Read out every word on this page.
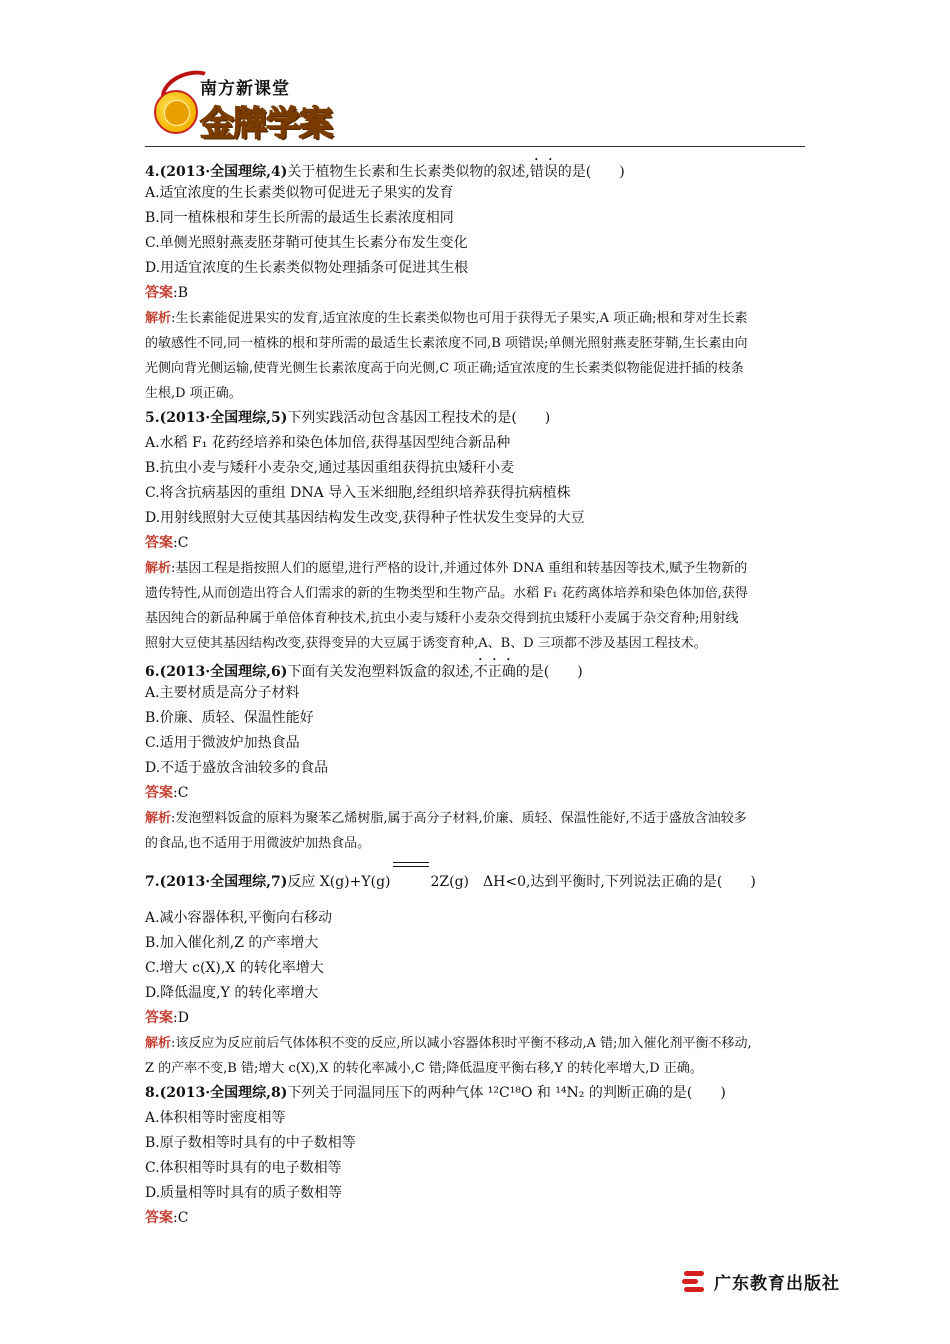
南方新课堂
金牌学案
4.(2013·全国理综,4)关于植物生长素和生长素类似物的叙述,错误的是(　　)
A.适宜浓度的生长素类似物可促进无子果实的发育
B.同一植株根和芽生长所需的最适生长素浓度相同
C.单侧光照射燕麦胚芽鞘可使其生长素分布发生变化
D.用适宜浓度的生长素类似物处理插条可促进其生根
答案:B
解析:生长素能促进果实的发育,适宜浓度的生长素类似物也可用于获得无子果实,A 项正确;根和芽对生长素
的敏感性不同,同一植株的根和芽所需的最适生长素浓度不同,B 项错误;单侧光照射燕麦胚芽鞘,生长素由向
光侧向背光侧运输,使背光侧生长素浓度高于向光侧,C 项正确;适宜浓度的生长素类似物能促进扦插的枝条
生根,D 项正确。
5.(2013·全国理综,5)下列实践活动包含基因工程技术的是(　　)
A.水稻 F₁ 花药经培养和染色体加倍,获得基因型纯合新品种
B.抗虫小麦与矮秆小麦杂交,通过基因重组获得抗虫矮秆小麦
C.将含抗病基因的重组 DNA 导入玉米细胞,经组织培养获得抗病植株
D.用射线照射大豆使其基因结构发生改变,获得种子性状发生变异的大豆
答案:C
解析:基因工程是指按照人们的愿望,进行严格的设计,并通过体外 DNA 重组和转基因等技术,赋予生物新的
遗传特性,从而创造出符合人们需求的新的生物类型和生物产品。水稻 F₁ 花药离体培养和染色体加倍,获得
基因纯合的新品种属于单倍体育种技术,抗虫小麦与矮秆小麦杂交得到抗虫矮秆小麦属于杂交育种;用射线
照射大豆使其基因结构改变,获得变异的大豆属于诱变育种,A、B、D 三项都不涉及基因工程技术。
6.(2013·全国理综,6)下面有关发泡塑料饭盒的叙述,不正确的是(　　)
A.主要材质是高分子材料
B.价廉、质轻、保温性能好
C.适用于微波炉加热食品
D.不适于盛放含油较多的食品
答案:C
解析:发泡塑料饭盒的原料为聚苯乙烯树脂,属于高分子材料,价廉、质轻、保温性能好,不适于盛放含油较多
的食品,也不适用于用微波炉加热食品。
7.(2013·全国理综,7)反应 X(g)+Y(g)	2Z(g)　ΔH<0,达到平衡时,下列说法正确的是(　　)
A.减小容器体积,平衡向右移动
B.加入催化剂,Z 的产率增大
C.增大 c(X),X 的转化率增大
D.降低温度,Y 的转化率增大
答案:D
解析:该反应为反应前后气体体积不变的反应,所以减小容器体积时平衡不移动,A 错;加入催化剂平衡不移动,
Z 的产率不变,B 错;增大 c(X),X 的转化率减小,C 错;降低温度平衡右移,Y 的转化率增大,D 正确。
8.(2013·全国理综,8)下列关于同温同压下的两种气体 ¹²C¹⁸O 和 ¹⁴N₂ 的判断正确的是(　　)
A.体积相等时密度相等
B.原子数相等时具有的中子数相等
C.体积相等时具有的电子数相等
D.质量相等时具有的质子数相等
答案:C
广东教育出版社
